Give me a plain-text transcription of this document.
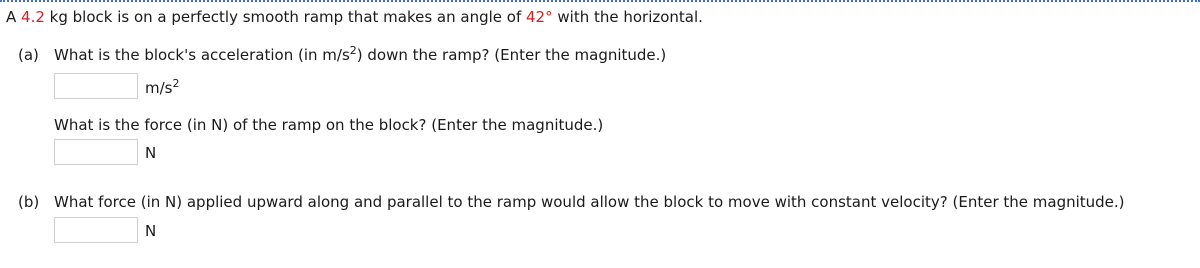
A 4.2 kg block is on a perfectly smooth ramp that makes an angle of 42° with the horizontal.
(a) What is the block's acceleration (in $m/s^2$) down the ramp? (Enter the magnitude.)
$m/s^2$
What is the force (in N) of the ramp on the block? (Enter the magnitude.)
N
(b) What force (in N) applied upward along and parallel to the ramp would allow the block to move with constant velocity? (Enter the magnitude.)
N
